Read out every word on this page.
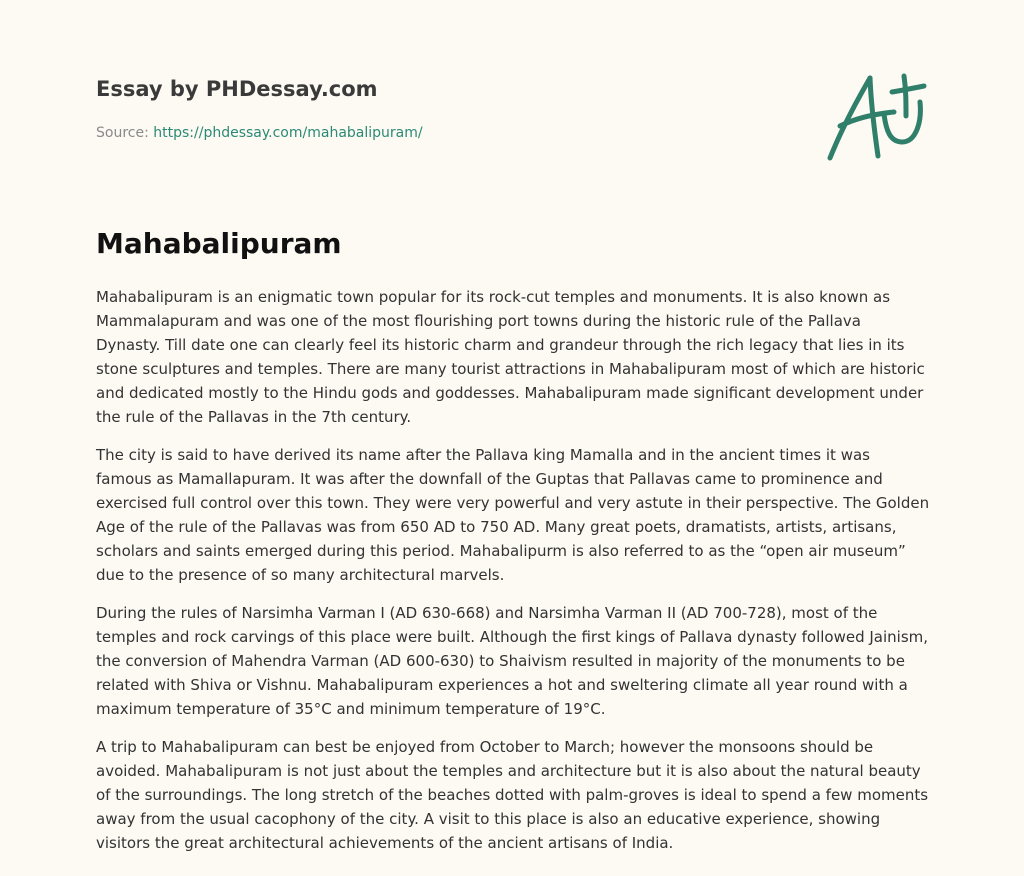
Essay by PHDessay.com
Source: https://phdessay.com/mahabalipuram/
Mahabalipuram

Mahabalipuram is an enigmatic town popular for its rock-cut temples and monuments. It is also known as Mammalapuram and was one of the most flourishing port towns during the historic rule of the Pallava Dynasty. Till date one can clearly feel its historic charm and grandeur through the rich legacy that lies in its stone sculptures and temples. There are many tourist attractions in Mahabalipuram most of which are historic and dedicated mostly to the Hindu gods and goddesses. Mahabalipuram made significant development under the rule of the Pallavas in the 7th century.

The city is said to have derived its name after the Pallava king Mamalla and in the ancient times it was famous as Mamallapuram. It was after the downfall of the Guptas that Pallavas came to prominence and exercised full control over this town. They were very powerful and very astute in their perspective. The Golden Age of the rule of the Pallavas was from 650 AD to 750 AD. Many great poets, dramatists, artists, artisans, scholars and saints emerged during this period. Mahabalipurm is also referred to as the “open air museum” due to the presence of so many architectural marvels.

During the rules of Narsimha Varman I (AD 630-668) and Narsimha Varman II (AD 700-728), most of the temples and rock carvings of this place were built. Although the first kings of Pallava dynasty followed Jainism, the conversion of Mahendra Varman (AD 600-630) to Shaivism resulted in majority of the monuments to be related with Shiva or Vishnu. Mahabalipuram experiences a hot and sweltering climate all year round with a maximum temperature of 35°C and minimum temperature of 19°C.

A trip to Mahabalipuram can best be enjoyed from October to March; however the monsoons should be avoided. Mahabalipuram is not just about the temples and architecture but it is also about the natural beauty of the surroundings. The long stretch of the beaches dotted with palm-groves is ideal to spend a few moments away from the usual cacophony of the city. A visit to this place is also an educative experience, showing visitors the great architectural achievements of the ancient artisans of India.
